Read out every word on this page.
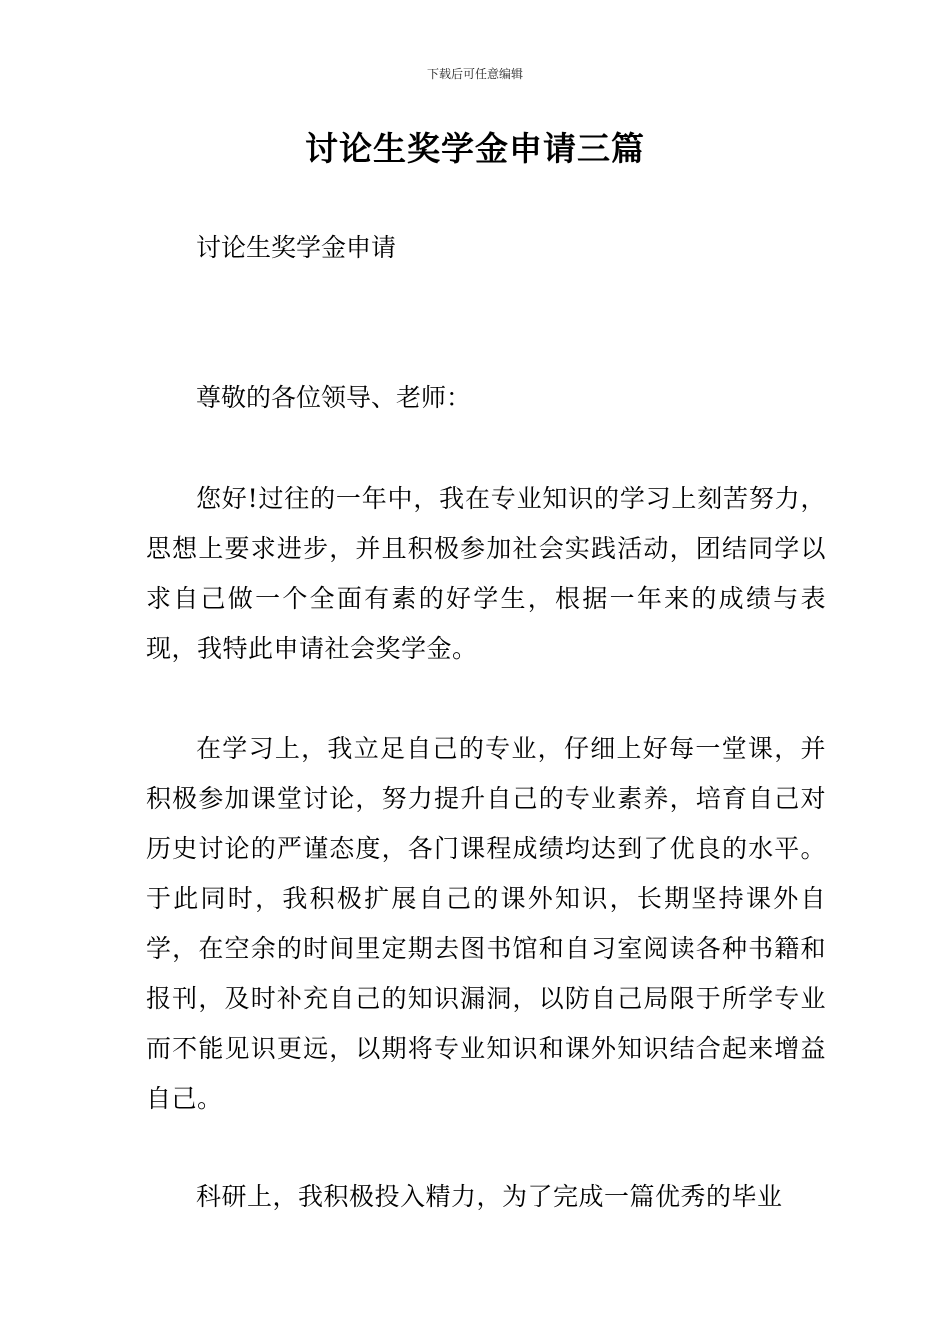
下载后可任意编辑
讨论生奖学金申请三篇

讨论生奖学金申请

尊敬的各位领导、老师：

您好!过往的一年中，我在专业知识的学习上刻苦努力，思想上要求进步，并且积极参加社会实践活动，团结同学以求自己做一个全面有素的好学生，根据一年来的成绩与表现，我特此申请社会奖学金。

在学习上，我立足自己的专业，仔细上好每一堂课，并积极参加课堂讨论，努力提升自己的专业素养，培育自己对历史讨论的严谨态度，各门课程成绩均达到了优良的水平。于此同时，我积极扩展自己的课外知识，长期坚持课外自学，在空余的时间里定期去图书馆和自习室阅读各种书籍和报刊，及时补充自己的知识漏洞，以防自己局限于所学专业而不能见识更远，以期将专业知识和课外知识结合起来增益自己。

科研上，我积极投入精力，为了完成一篇优秀的毕业
